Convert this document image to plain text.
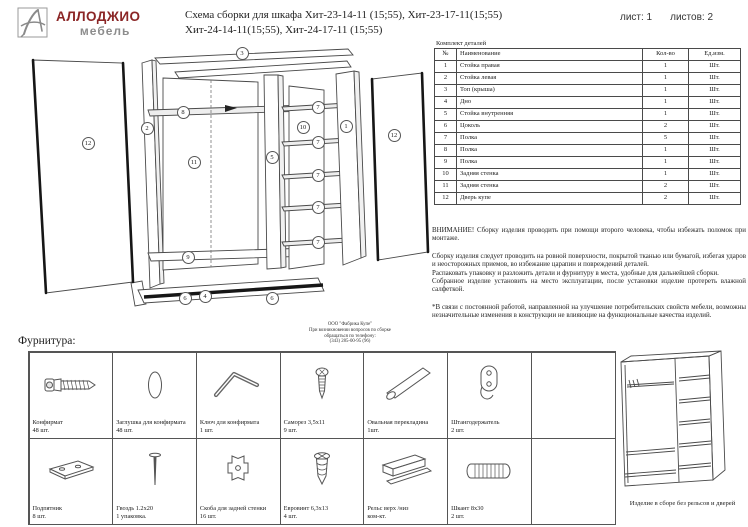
АЛЛОДЖИО
мебель
Схема сборки для шкафа Хит-23-14-11 (15;55), Хит-23-17-11(15;55)
Хит-24-14-11(15;55), Хит-24-17-11 (15;55)
лист: 1 листов: 2
ООО "Фабрика Купе"
При возникновении вопросов по сборке
обращаться по телефону:
(343) 285-00-95 (96)
12
2
3
8
11
9
6	4	6
5
10
7
7
7
7
7
1
12
Комплект деталей
№	Наименование	Кол-во	Ед.изм.
1	Стойка правая	1	Шт.
2	Стойка левая	1	Шт.
3	Топ (крыша)	1	Шт.
4	Дно	1	Шт.
5	Стойка внутренняя	1	Шт.
6	Цоколь	2	Шт.
7	Полка	5	Шт.
8	Полка	1	Шт.
9	Полка	1	Шт.
10	Задняя стенка	1	Шт.
11	Задняя стенка	2	Шт.
12	Дверь купе	2	Шт.
ВНИМАНИЕ! Сборку изделия проводить при помощи второго человека, чтобы избежать поломок при монтаже.
Сборку изделия следует проводить на ровной поверхности, покрытой тканью или бумагой, избегая ударов и неосторожных приемов, во избежание царапин и повреждений деталей.
Распаковать упаковку и разложить детали и фурнитуру в места, удобные для дальнейшей сборки.
Собранное изделие установить на место эксплуатации, после установки изделие протереть влажной салфеткой.
*В связи с постоянной работой, направленной на улучшение потребительских свойств мебели, возможны незначительные изменения в конструкции не влияющие на функциональные качества изделий.
Фурнитура:
Конфирмат
48 шт.
Заглушка для конфирмата
48 шт.
Ключ для конфирмата
1 шт.
Саморез 3,5х11
9 шт.
Овальная перекладина
1шт.
Штангодержатель
2 шт.
Подпятник
8 шт.
Гвоздь 1.2х20
1 упаковка.
Скоба для задней стенки
16 шт.
Евровинт 6,3х13
4 шт.
Рельс верх /низ
ком-кт.
Шкант 8х30
2 шт.
Изделие в сборе без рельсов и дверей
